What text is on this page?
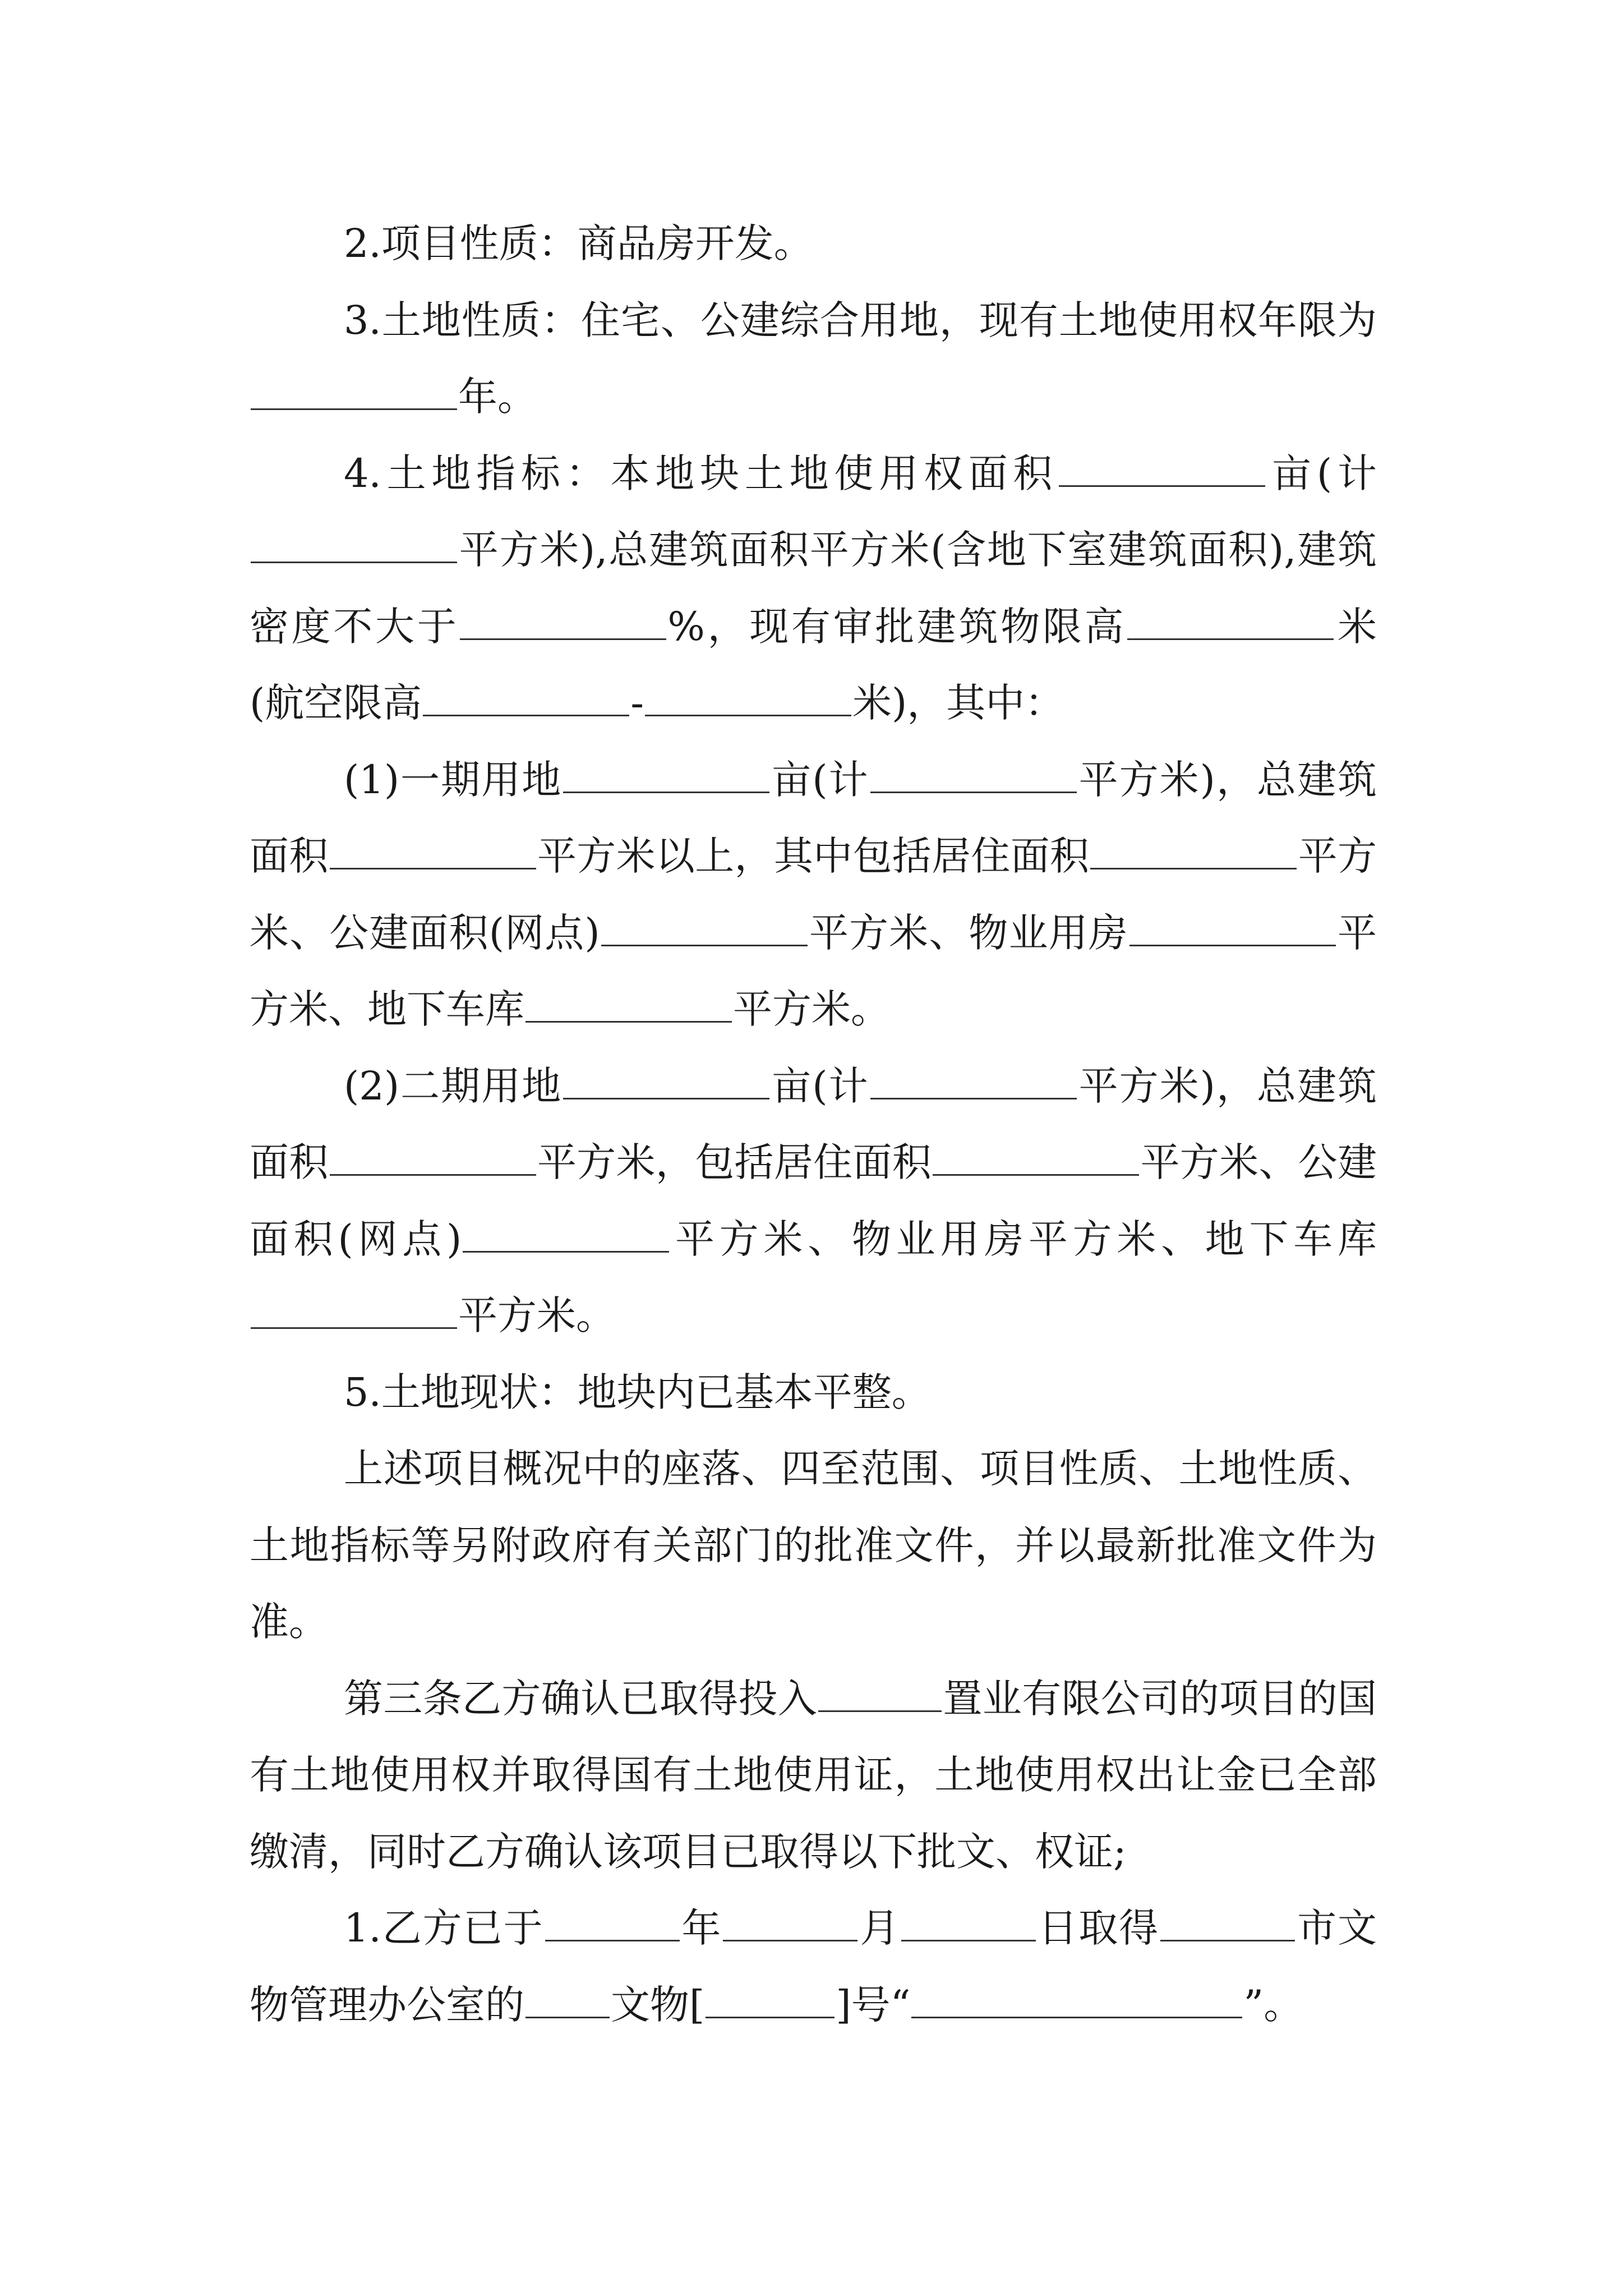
2.项目性质：商品房开发。

3.土地性质：住宅、公建综合用地，现有土地使用权年限为年。

4.土地指标：本地块土地使用权面积	亩(计平方米),总建筑面积平方米(含地下室建筑面积),建筑密度不大于	%，现有审批建筑物限高	米(航空限高	-	米)，其中：

(1)一期用地	亩(计	平方米)，总建筑面积	平方米以上，其中包括居住面积	平方米、公建面积(网点)	平方米、物业用房	平方米、地下车库	平方米。

(2)二期用地	亩(计	平方米)，总建筑面积	平方米，包括居住面积	平方米、公建面积(网点)	平方米、物业用房平方米、地下车库平方米。

5.土地现状：地块内已基本平整。

上述项目概况中的座落、四至范围、项目性质、土地性质、土地指标等另附政府有关部门的批准文件，并以最新批准文件为准。

第三条乙方确认已取得投入	置业有限公司的项目的国有土地使用权并取得国有土地使用证，土地使用权出让金已全部缴清，同时乙方确认该项目已取得以下批文、权证;

1.乙方已于	年	月	日取得	市文物管理办公室的 文物[	]号“	”。
